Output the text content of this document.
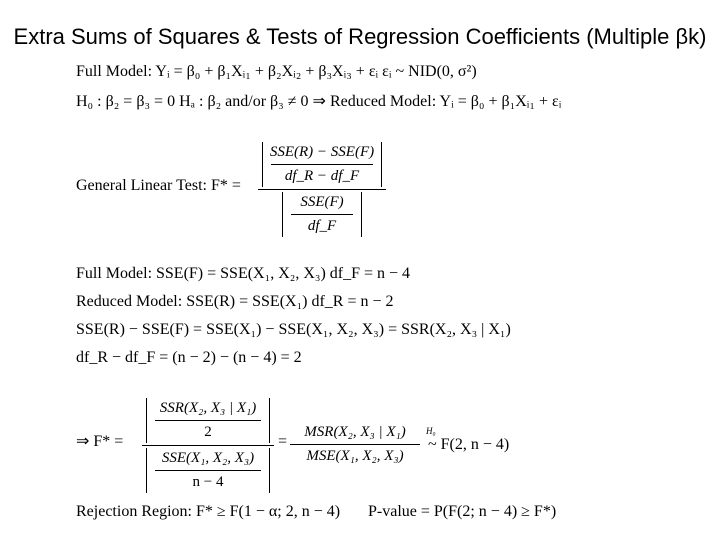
Extra Sums of Squares & Tests of Regression Coefficients (Multiple βk)
Full Model: Yᵢ = β₀ + β₁Xᵢ₁ + β₂Xᵢ₂ + β₃Xᵢ₃ + εᵢ εᵢ ~ NID(0, σ²)
H₀ : β₂ = β₃ = 0 Hₐ : β₂ and/or β₃ ≠ 0 ⇒ Reduced Model: Yᵢ = β₀ + β₁Xᵢ₁ + εᵢ
General Linear Test: F* =
SSE(R) − SSE(F)
df_R − df_F
SSE(F)
df_F
Full Model: SSE(F) = SSE(X₁, X₂, X₃) df_F = n − 4
Reduced Model: SSE(R) = SSE(X₁) df_R = n − 2
SSE(R) − SSE(F) = SSE(X₁) − SSE(X₁, X₂, X₃) = SSR(X₂, X₃ | X₁)
df_R − df_F = (n − 2) − (n − 4) = 2
⇒ F* =
SSR(X₂, X₃ | X₁)
2
SSE(X₁, X₂, X₃)
n − 4
=
MSR(X₂, X₃ | X₁)
MSE(X₁, X₂, X₃)
H₀
~ F(2, n − 4)
Rejection Region: F* ≥ F(1 − α; 2, n − 4) P-value = P(F(2; n − 4) ≥ F*)
